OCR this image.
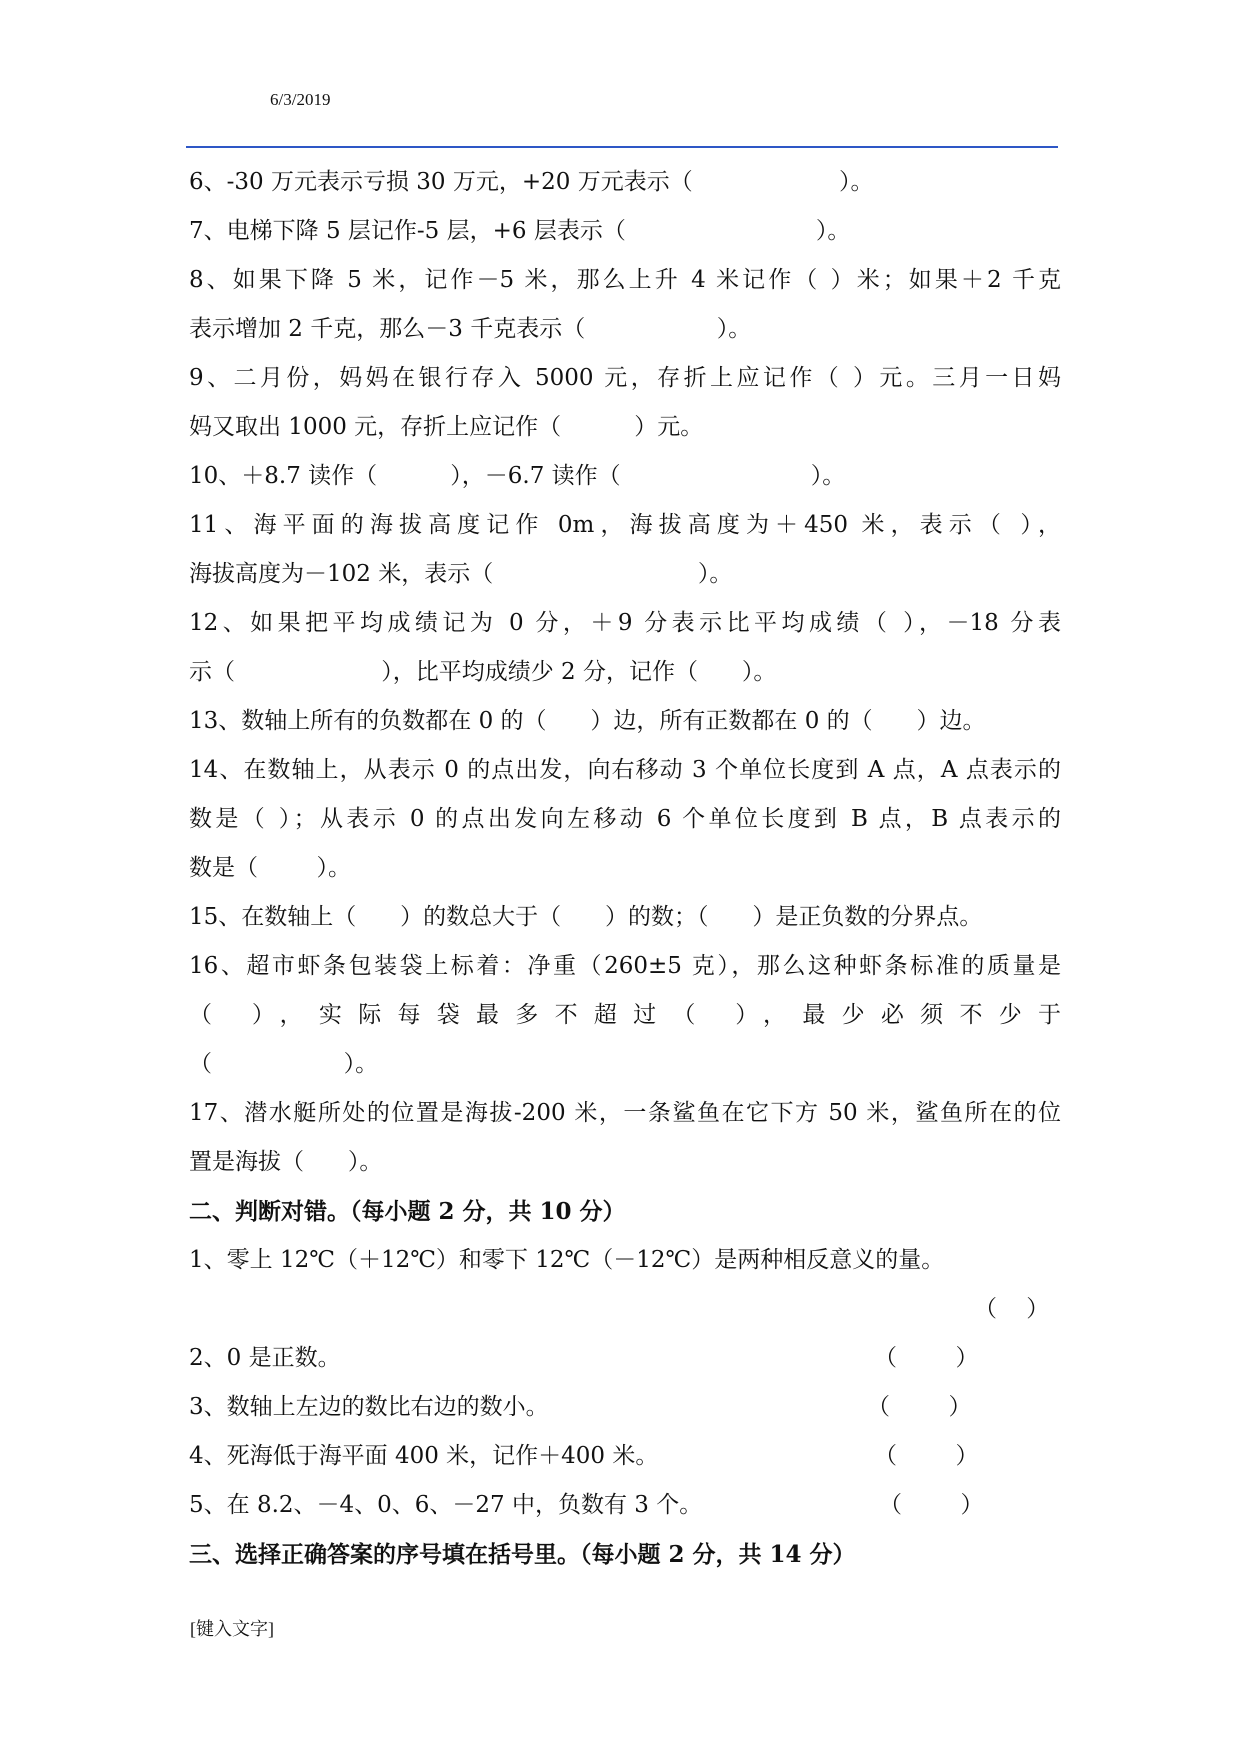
6/3/2019
6、-30 万元表示亏损 30 万元，+20 万元表示（                    ）。
7、电梯下降 5 层记作-5 层，+6 层表示（                          ）。
8、如果下降 5 米，记作－5 米，那么上升 4 米记作（ ）米；如果＋2 千克
表示增加 2 千克，那么－3 千克表示（                  ）。
9、二月份，妈妈在银行存入 5000 元，存折上应记作（ ）元。三月一日妈
妈又取出 1000 元，存折上应记作（          ）元。
10、＋8.7 读作（          ），－6.7 读作（                          ）。
11、海平面的海拔高度记作 0m，海拔高度为＋450 米，表示（ ），
海拔高度为－102 米，表示（                            ）。
12、如果把平均成绩记为 0 分，＋9 分表示比平均成绩（ ），－18 分表
示（                    ），比平均成绩少 2 分，记作（      ）。
13、数轴上所有的负数都在 0 的（      ）边，所有正数都在 0 的（      ）边。
14、在数轴上，从表示 0 的点出发，向右移动 3 个单位长度到 A 点，A 点表示的
数是（ ）；从表示 0 的点出发向左移动 6 个单位长度到 B 点，B 点表示的
数是（        ）。
15、在数轴上（      ）的数总大于（      ）的数；（      ）是正负数的分界点。
16、超市虾条包装袋上标着：净重（260±5 克），那么这种虾条标准的质量是
（ ），实际每袋最多不超过（ ），最少必须不少于
（                  ）。
17、潜水艇所处的位置是海拔-200 米，一条鲨鱼在它下方 50 米，鲨鱼所在的位
置是海拔（      ）。
二、判断对错。（每小题 2 分，共 10 分）
1、零上 12℃（＋12℃）和零下 12℃（－12℃）是两种相反意义的量。
（    ）
2、0 是正数。	（        ）
3、数轴上左边的数比右边的数小。	（        ）
4、死海低于海平面 400 米，记作＋400 米。	（        ）
5、在 8.2、－4、0、6、－27 中，负数有 3 个。	（        ）
三、选择正确答案的序号填在括号里。（每小题 2 分，共 14 分）
[键入文字]
